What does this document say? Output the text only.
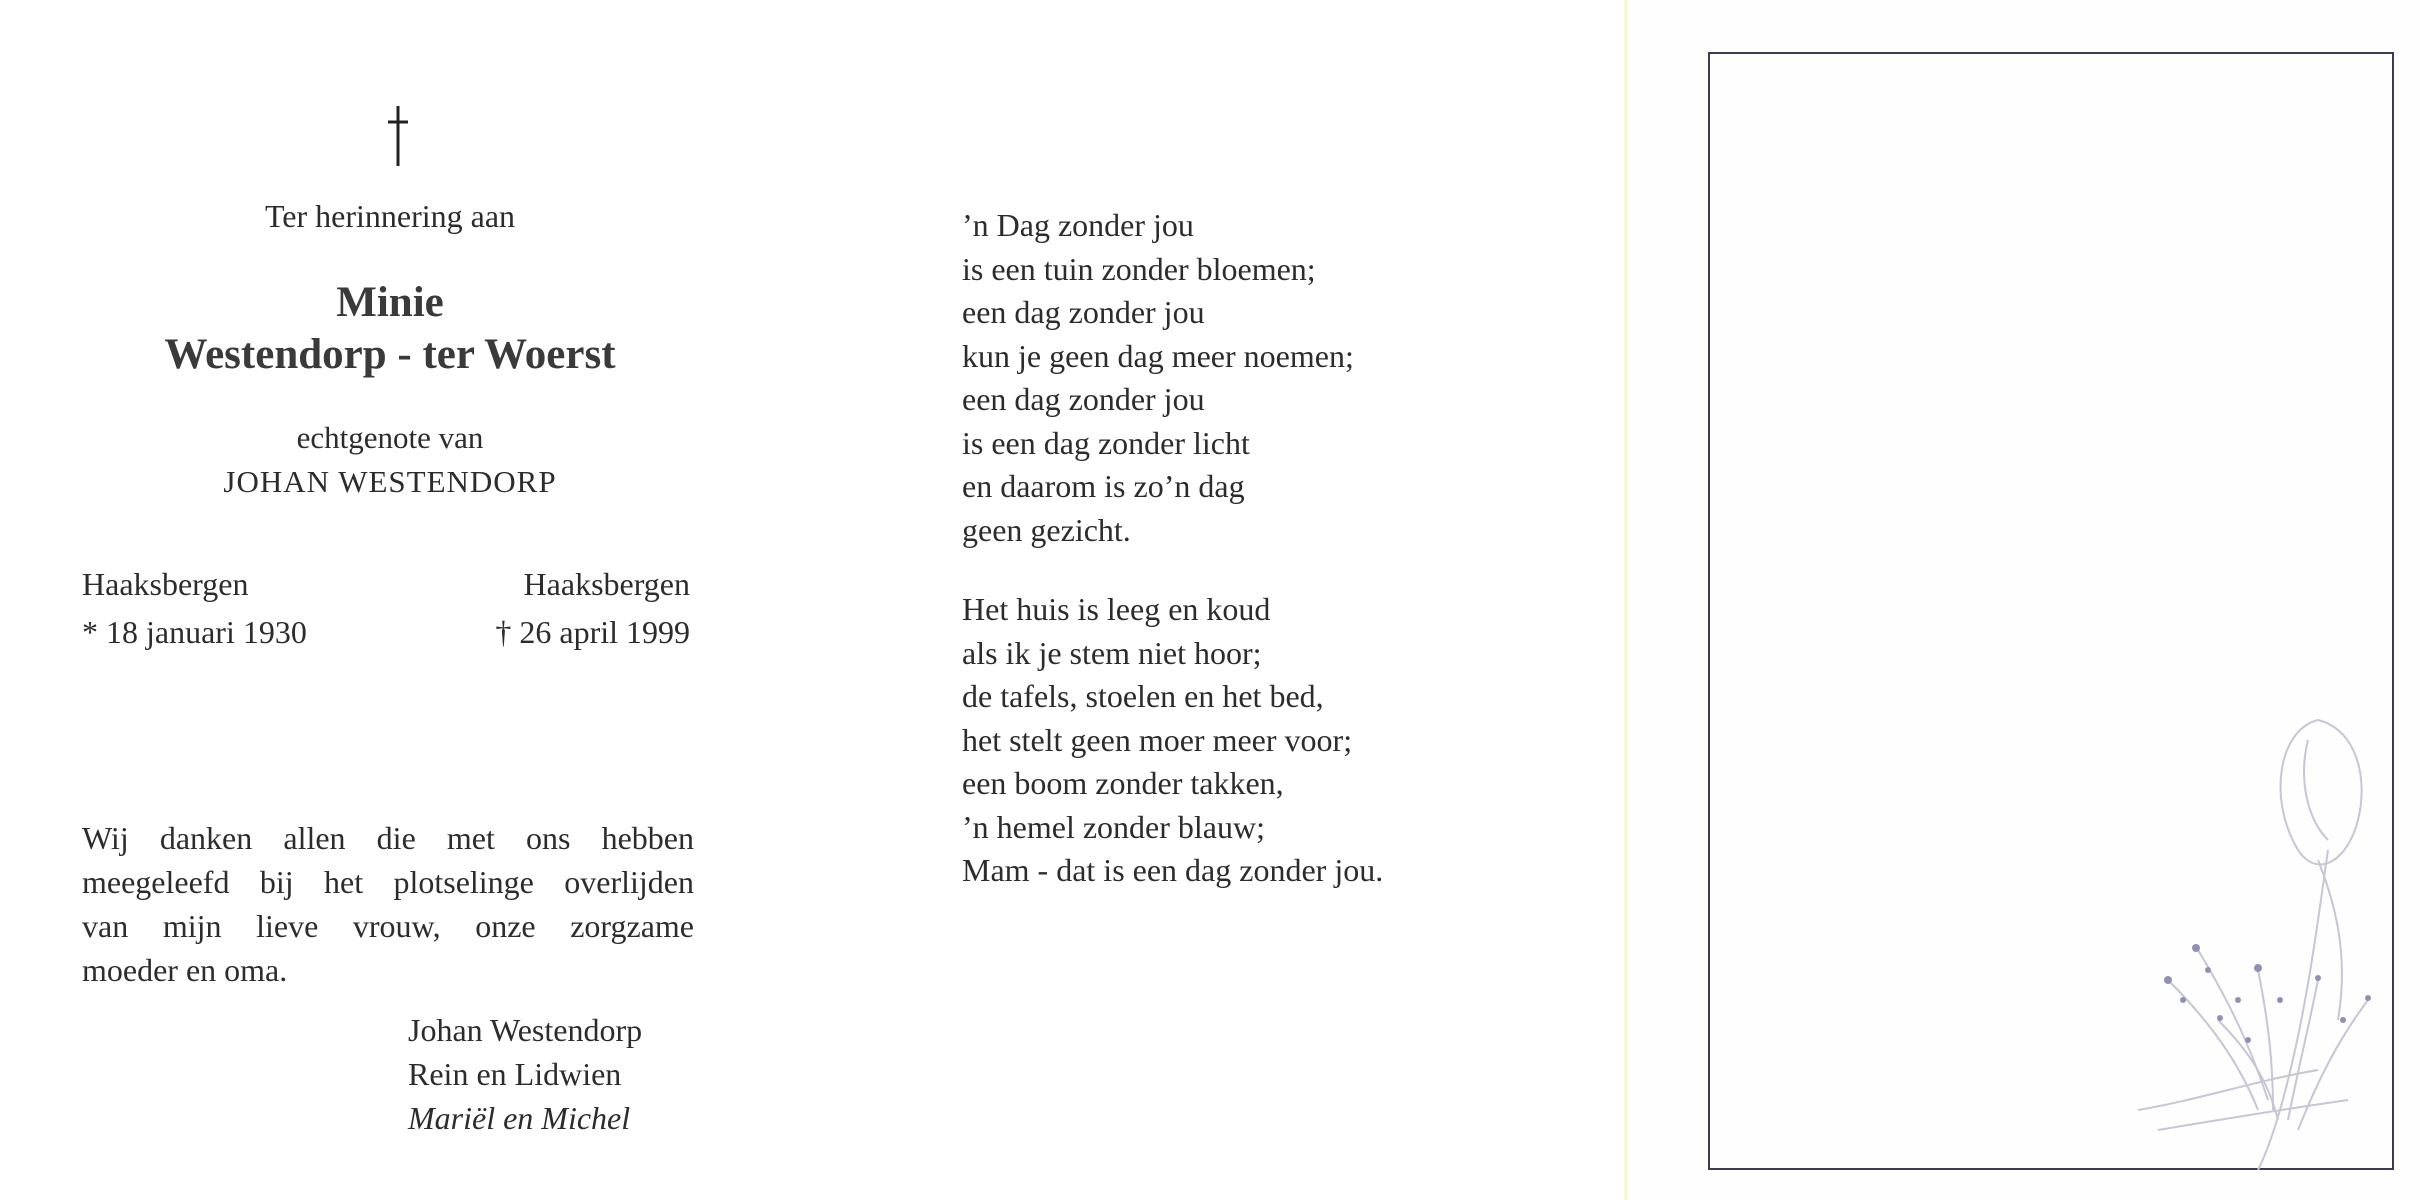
Ter herinnering aan

Minie

Westendorp - ter Woerst

echtgenote van

JOHAN WESTENDORP

Haaksbergen

* 18 januari 1930

Haaksbergen

† 26 april 1999

Wij danken allen die met ons hebben
meegeleefd bij het plotselinge overlijden
van mijn lieve vrouw, onze zorgzame
moeder en oma.
Johan Westendorp
Rein en Lidwien
Mariël en Michel
’n Dag zonder jou
is een tuin zonder bloemen;
een dag zonder jou
kun je geen dag meer noemen;
een dag zonder jou
is een dag zonder licht
en daarom is zo’n dag
geen gezicht.
Het huis is leeg en koud
als ik je stem niet hoor;
de tafels, stoelen en het bed,
het stelt geen moer meer voor;
een boom zonder takken,
’n hemel zonder blauw;
Mam - dat is een dag zonder jou.
